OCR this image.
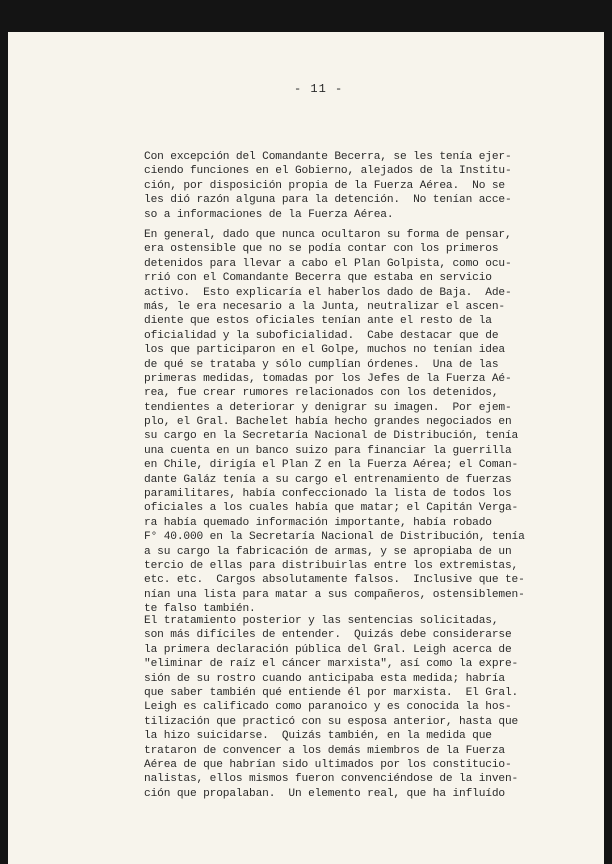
- 11 -
Con excepción del Comandante Becerra, se les tenía ejer-
ciendo funciones en el Gobierno, alejados de la Institu-
ción, por disposición propia de la Fuerza Aérea.  No se
les dió razón alguna para la detención.  No tenían acce-
so a informaciones de la Fuerza Aérea.
En general, dado que nunca ocultaron su forma de pensar,
era ostensible que no se podía contar con los primeros
detenidos para llevar a cabo el Plan Golpista, como ocu-
rrió con el Comandante Becerra que estaba en servicio
activo.  Esto explicaría el haberlos dado de Baja.  Ade-
más, le era necesario a la Junta, neutralizar el ascen-
diente que estos oficiales tenían ante el resto de la
oficialidad y la suboficialidad.  Cabe destacar que de
los que participaron en el Golpe, muchos no tenían idea
de qué se trataba y sólo cumplían órdenes.  Una de las
primeras medidas, tomadas por los Jefes de la Fuerza Aé-
rea, fue crear rumores relacionados con los detenidos,
tendientes a deteriorar y denigrar su imagen.  Por ejem-
plo, el Gral. Bachelet había hecho grandes negociados en
su cargo en la Secretaría Nacional de Distribución, tenía
una cuenta en un banco suizo para financiar la guerrilla
en Chile, dirigía el Plan Z en la Fuerza Aérea; el Coman-
dante Galáz tenía a su cargo el entrenamiento de fuerzas
paramilitares, había confeccionado la lista de todos los
oficiales a los cuales había que matar; el Capitán Verga-
ra había quemado información importante, había robado
F° 40.000 en la Secretaría Nacional de Distribución, tenía
a su cargo la fabricación de armas, y se apropiaba de un
tercio de ellas para distribuirlas entre los extremistas,
etc. etc.  Cargos absolutamente falsos.  Inclusive que te-
nían una lista para matar a sus compañeros, ostensiblemen-
te falso también.
El tratamiento posterior y las sentencias solicitadas,
son más difíciles de entender.  Quizás debe considerarse
la primera declaración pública del Gral. Leigh acerca de
"eliminar de raíz el cáncer marxista", así como la expre-
sión de su rostro cuando anticipaba esta medida; habría
que saber también qué entiende él por marxista.  El Gral.
Leigh es calificado como paranoico y es conocida la hos-
tilización que practicó con su esposa anterior, hasta que
la hizo suicidarse.  Quizás también, en la medida que
trataron de convencer a los demás miembros de la Fuerza
Aérea de que habrían sido ultimados por los constitucio-
nalistas, ellos mismos fueron convenciéndose de la inven-
ción que propalaban.  Un elemento real, que ha influído
